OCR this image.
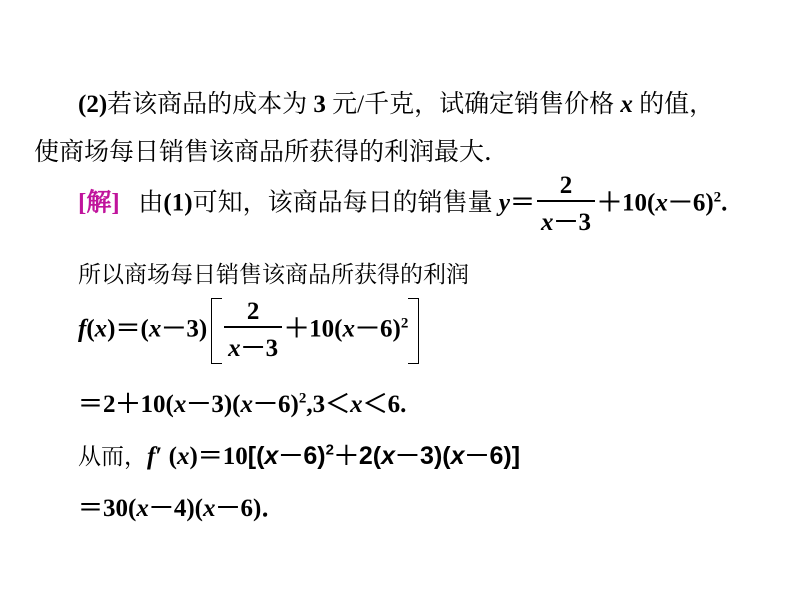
(2)若该商品的成本为 3 元/千克，试确定销售价格 x 的值，
使商场每日销售该商品所获得的利润最大．
[解] 由(1)可知，该商品每日的销售量 $y= \frac{2}{x-3} +10(x-6)^2$.
所以商场每日销售该商品所获得的利润
$f(x)=(x-3) \frac{2}{x-3} +10(x-6)^2$
$=2+10(x-3)(x-6)^2,3<x<6$.
从而，f′ $(x)=10[(x-6)^2+2(x-3)(x-6)]$
＝30(x－4)(x－6)．
